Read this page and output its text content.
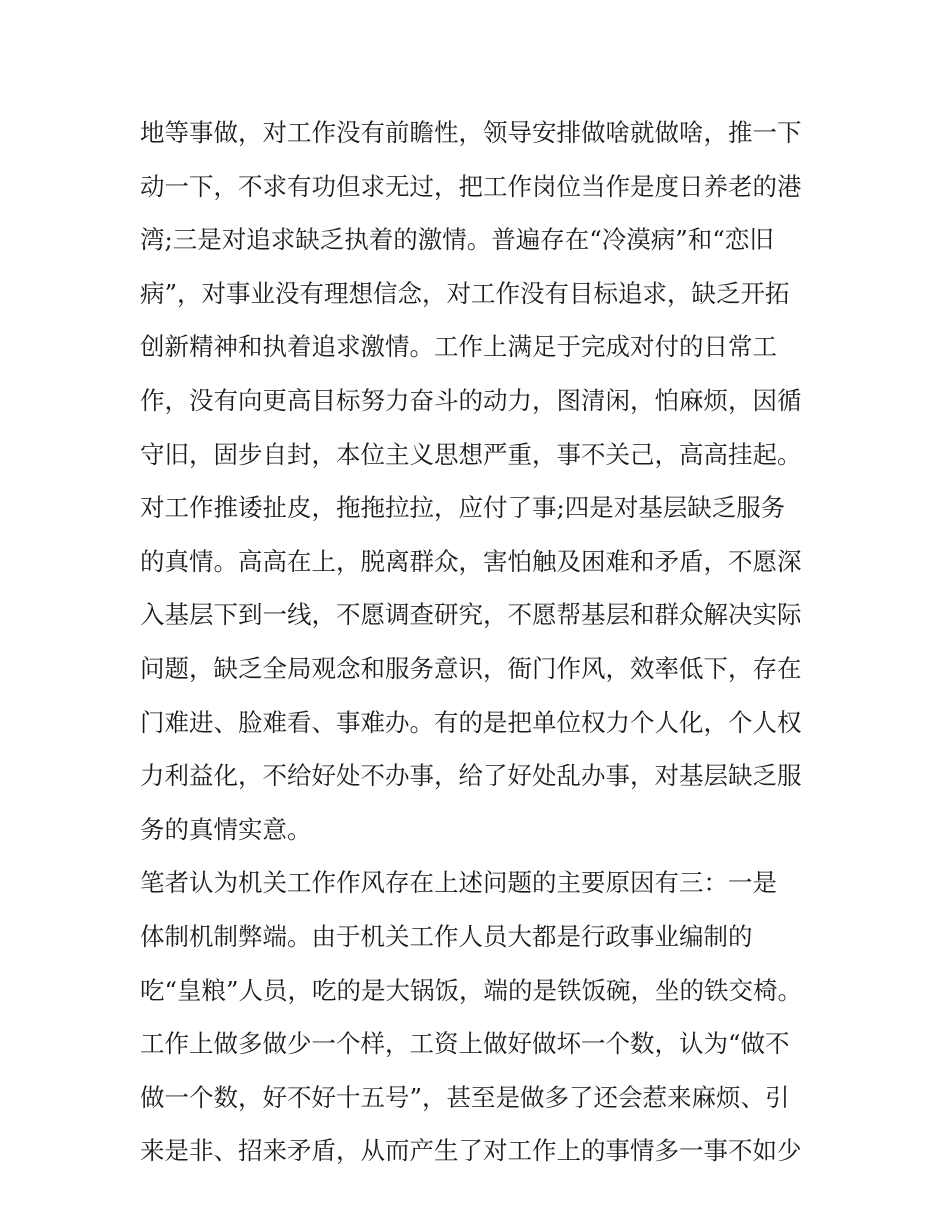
地等事做，对工作没有前瞻性，领导安排做啥就做啥，推一下
动一下，不求有功但求无过，把工作岗位当作是度日养老的港
湾;三是对追求缺乏执着的激情。普遍存在“冷漠病”和“恋旧
病”，对事业没有理想信念，对工作没有目标追求，缺乏开拓
创新精神和执着追求激情。工作上满足于完成对付的日常工
作，没有向更高目标努力奋斗的动力，图清闲，怕麻烦，因循
守旧，固步自封，本位主义思想严重，事不关己，高高挂起。
对工作推诿扯皮，拖拖拉拉，应付了事;四是对基层缺乏服务
的真情。高高在上，脱离群众，害怕触及困难和矛盾，不愿深
入基层下到一线，不愿调查研究，不愿帮基层和群众解决实际
问题，缺乏全局观念和服务意识，衙门作风，效率低下，存在
门难进、脸难看、事难办。有的是把单位权力个人化，个人权
力利益化，不给好处不办事，给了好处乱办事，对基层缺乏服
务的真情实意。
笔者认为机关工作作风存在上述问题的主要原因有三：一是
体制机制弊端。由于机关工作人员大都是行政事业编制的
吃“皇粮”人员，吃的是大锅饭，端的是铁饭碗，坐的铁交椅。
工作上做多做少一个样，工资上做好做坏一个数，认为“做不
做一个数，好不好十五号”，甚至是做多了还会惹来麻烦、引
来是非、招来矛盾，从而产生了对工作上的事情多一事不如少
